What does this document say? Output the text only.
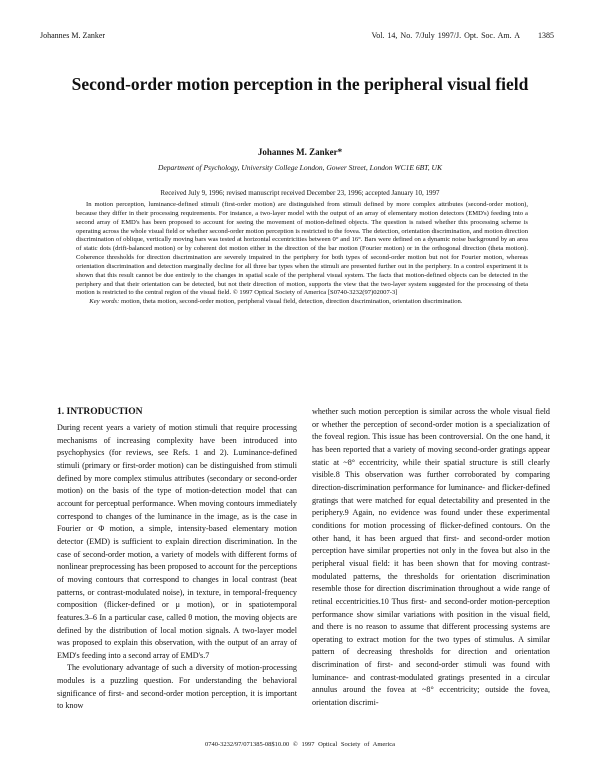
Johannes M. Zanker	Vol. 14, No. 7/July 1997/J. Opt. Soc. Am. A 1385
Second-order motion perception in the peripheral visual field
Johannes M. Zanker*
Department of Psychology, University College London, Gower Street, London WC1E 6BT, UK
Received July 9, 1996; revised manuscript received December 23, 1996; accepted January 10, 1997

In motion perception, luminance-defined stimuli (first-order motion) are distinguished from stimuli defined by more complex attributes (second-order motion), because they differ in their processing requirements. For instance, a two-layer model with the output of an array of elementary motion detectors (EMD's) feeding into a second array of EMD's has been proposed to account for seeing the movement of motion-defined objects. The question is raised whether this processing scheme is operating across the whole visual field or whether second-order motion perception is restricted to the fovea. The detection, orientation discrimination, and motion direction discrimination of oblique, vertically moving bars was tested at horizontal eccentricities between 0° and 16°. Bars were defined on a dynamic noise background by an area of static dots (drift-balanced motion) or by coherent dot motion either in the direction of the bar motion (Fourier motion) or in the orthogonal direction (theta motion). Coherence thresholds for direction discrimination are severely impaired in the periphery for both types of second-order motion but not for Fourier motion, whereas orientation discrimination and detection marginally decline for all three bar types when the stimuli are presented further out in the periphery. In a control experiment it is shown that this result cannot be due entirely to the changes in spatial scale of the peripheral visual system. The facts that motion-defined objects can be detected in the periphery and that their orientation can be detected, but not their direction of motion, supports the view that the two-layer system suggested for the processing of theta motion is restricted to the central region of the visual field. © 1997 Optical Society of America [S0740-3232(97)02007-3]

Key words: motion, theta motion, second-order motion, peripheral visual field, detection, direction discrimination, orientation discrimination.

1. INTRODUCTION

During recent years a variety of motion stimuli that require processing mechanisms of increasing complexity have been introduced into psychophysics (for reviews, see Refs. 1 and 2). Luminance-defined stimuli (primary or first-order motion) can be distinguished from stimuli defined by more complex stimulus attributes (secondary or second-order motion) on the basis of the type of motion-detection model that can account for perceptual performance. When moving contours immediately correspond to changes of the luminance in the image, as is the case in Fourier or Φ motion, a simple, intensity-based elementary motion detector (EMD) is sufficient to explain direction discrimination. In the case of second-order motion, a variety of models with different forms of nonlinear preprocessing has been proposed to account for the perceptions of moving contours that correspond to changes in local contrast (beat patterns, or contrast-modulated noise), in texture, in temporal-frequency composition (flicker-defined or μ motion), or in spatiotemporal features.3–6 In a particular case, called θ motion, the moving objects are defined by the distribution of local motion signals. A two-layer model was proposed to explain this observation, with the output of an array of EMD's feeding into a second array of EMD's.7

The evolutionary advantage of such a diversity of motion-processing modules is a puzzling question. For understanding the behavioral significance of first- and second-order motion perception, it is important to know

whether such motion perception is similar across the whole visual field or whether the perception of second-order motion is a specialization of the foveal region. This issue has been controversial. On the one hand, it has been reported that a variety of moving second-order gratings appear static at ~8° eccentricity, while their spatial structure is still clearly visible.8 This observation was further corroborated by comparing direction-discrimination performance for luminance- and flicker-defined gratings that were matched for equal detectability and presented in the periphery.9 Again, no evidence was found under these experimental conditions for motion processing of flicker-defined contours. On the other hand, it has been argued that first- and second-order motion perception have similar properties not only in the fovea but also in the peripheral visual field: it has been shown that for moving contrast-modulated patterns, the thresholds for orientation discrimination resemble those for direction discrimination throughout a wide range of retinal eccentricities.10 Thus first- and second-order motion-perception performance show similar variations with position in the visual field, and there is no reason to assume that different processing systems are operating to extract motion for the two types of stimulus. A similar pattern of decreasing thresholds for direction and orientation discrimination of first- and second-order stimuli was found with luminance- and contrast-modulated gratings presented in a circular annulus around the fovea at ~8° eccentricity; outside the fovea, orientation discrimi-

0740-3232/97/071385-08$10.00 © 1997 Optical Society of America
